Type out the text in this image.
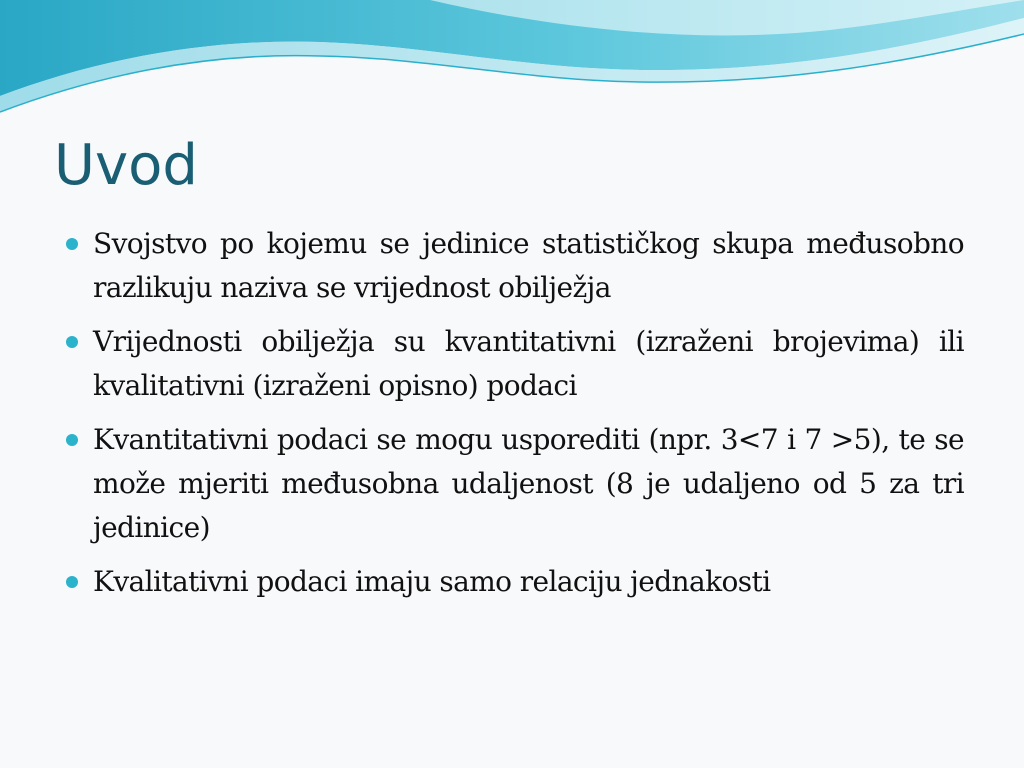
Uvod
Svojstvo po kojemu se jedinice statističkog skupa međusobno razlikuju naziva se vrijednost obilježja
Vrijednosti obilježja su kvantitativni (izraženi brojevima) ili kvalitativni (izraženi opisno) podaci
Kvantitativni podaci se mogu usporediti (npr. 3<7 i 7 >5), te se može mjeriti međusobna udaljenost (8 je udaljeno od 5 za tri jedinice)
Kvalitativni podaci imaju samo relaciju jednakosti
